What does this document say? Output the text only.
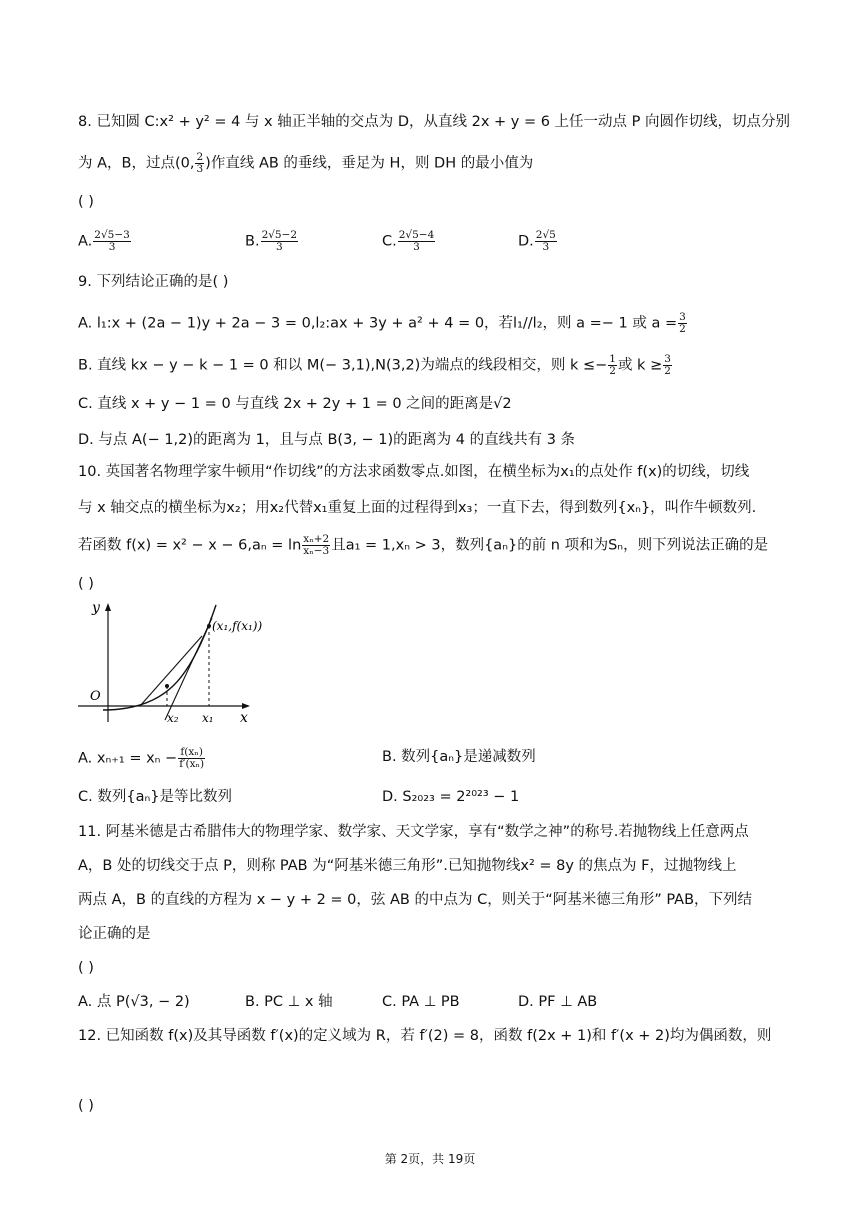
8. 已知圆 C:x² + y² = 4 与 x 轴正半轴的交点为 D，从直线 2x + y = 6 上任一动点 P 向圆作切线，切点分别
为 A，B，过点(0, $\frac{2}{3}$ )作直线 AB 的垂线，垂足为 H，则 DH 的最小值为
( )
A. $\frac{2√5-3}{3}$	B. $\frac{2√5-2}{3}$	C. $\frac{2√5-4}{3}$	D. $\frac{2√5}{3}$
9. 下列结论正确的是( )
A. l₁:x + (2a − 1)y + 2a − 3 = 0,l₂:ax + 3y + a² + 4 = 0，若l₁//l₂，则 a =− 1 或 $a = \frac{3}{2}$
B. 直线 kx − y − k − 1 = 0 和以 M(− 3,1),N(3,2)为端点的线段相交，则 $k \le- \frac{1}{2}$ 或 $k \ge \frac{3}{2}$
C. 直线 x + y − 1 = 0 与直线 2x + 2y + 1 = 0 之间的距离是√2
D. 与点 A(− 1,2)的距离为 1，且与点 B(3, − 1)的距离为 4 的直线共有 3 条
10. 英国著名物理学家牛顿用“作切线”的方法求函数零点.如图，在横坐标为x₁的点处作 f(x)的切线，切线
与 x 轴交点的横坐标为x₂；用x₂代替x₁重复上面的过程得到x₃；一直下去，得到数列{xₙ}，叫作牛顿数列.
若函数 $f(x) = x^2 - x - 6,a_n = \ln \frac{\text{xₙ+2}}{\text{xₙ−3}}$ 且a₁ = 1,xₙ > 3，数列{aₙ}的前 n 项和为Sₙ，则下列说法正确的是
( )
y
x
O
(x₁,f(x₁))
x₁
x₂
A. $x_{n+1} = x_n - \frac{\text{f(xₙ)}}{\text{f′(xₙ)}}$	B. 数列{aₙ}是递减数列
C. 数列{aₙ}是等比数列	D. S₂₀₂₃ = 2²⁰²³ − 1
11. 阿基米德是古希腊伟大的物理学家、数学家、天文学家，享有“数学之神”的称号.若抛物线上任意两点
A，B 处的切线交于点 P，则称 PAB 为“阿基米德三角形”.已知抛物线x² = 8y 的焦点为 F，过抛物线上
两点 A，B 的直线的方程为 x − y + 2 = 0，弦 AB 的中点为 C，则关于“阿基米德三角形” PAB，下列结
论正确的是
( )
A. 点 P(√3, − 2)	B. PC ⊥ x 轴	C. PA ⊥ PB	D. PF ⊥ AB
12. 已知函数 f(x)及其导函数 f′(x)的定义域为 R，若 f′(2) = 8，函数 f(2x + 1)和 f′(x + 2)均为偶函数，则
( )
第 2页，共 19页
